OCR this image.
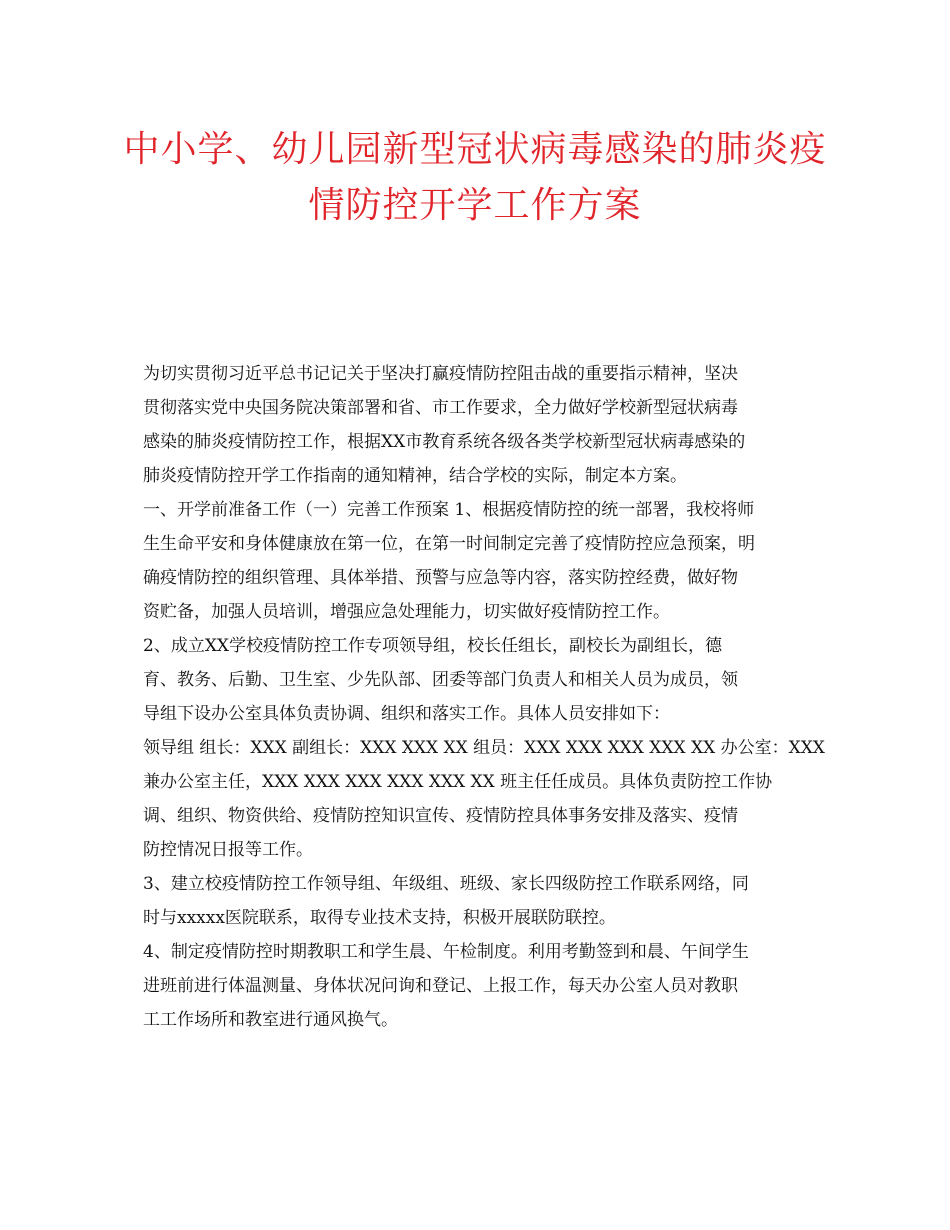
中小学、幼儿园新型冠状病毒感染的肺炎疫
情防控开学工作方案
为切实贯彻习近平总书记记关于坚决打赢疫情防控阻击战的重要指示精神，坚决
贯彻落实党中央国务院决策部署和省、市工作要求，全力做好学校新型冠状病毒
感染的肺炎疫情防控工作，根据XX市教育系统各级各类学校新型冠状病毒感染的
肺炎疫情防控开学工作指南的通知精神，结合学校的实际，制定本方案。
一、开学前准备工作（一）完善工作预案 1、根据疫情防控的统一部署，我校将师
生生命平安和身体健康放在第一位，在第一时间制定完善了疫情防控应急预案，明
确疫情防控的组织管理、具体举措、预警与应急等内容，落实防控经费，做好物
资贮备，加强人员培训，增强应急处理能力，切实做好疫情防控工作。
2、成立XX学校疫情防控工作专项领导组，校长任组长，副校长为副组长，德
育、教务、后勤、卫生室、少先队部、团委等部门负责人和相关人员为成员，领
导组下设办公室具体负责协调、组织和落实工作。具体人员安排如下：
领导组 组长：XXX 副组长：XXX XXX XX 组员：XXX XXX XXX XXX XX 办公室：XXX
兼办公室主任，XXX XXX XXX XXX XXX XX 班主任任成员。具体负责防控工作协
调、组织、物资供给、疫情防控知识宣传、疫情防控具体事务安排及落实、疫情
防控情况日报等工作。
3、建立校疫情防控工作领导组、年级组、班级、家长四级防控工作联系网络，同
时与xxxxx医院联系，取得专业技术支持，积极开展联防联控。
4、制定疫情防控时期教职工和学生晨、午检制度。利用考勤签到和晨、午间学生
进班前进行体温测量、身体状况问询和登记、上报工作，每天办公室人员对教职
工工作场所和教室进行通风换气。
